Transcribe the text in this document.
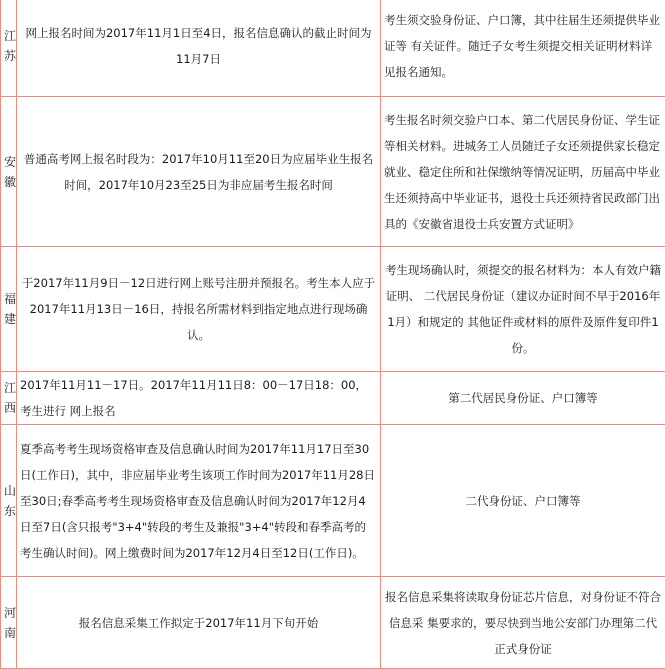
江苏	网上报名时间为2017年11月1日至4日，报名信息确认的截止时间为11月7日	考生须交验身份证、户口簿，其中往届生还须提供毕业证等 有关证件。随迁子女考生须提交相关证明材料详见报名通知。
安徽	普通高考网上报名时段为：2017年10月11至20日为应届毕业生报名时间，2017年10月23至25日为非应届考生报名时间	考生报名时须交验户口本、第二代居民身份证、学生证等相关材料。进城务工人员随迁子女还须提供家长稳定就业、稳定住所和社保缴纳等情况证明，历届高中毕业生还须持高中毕业证书，退役士兵还须持省民政部门出具的《安徽省退役士兵安置方式证明》
福建	于2017年11月9日－12日进行网上账号注册并预报名。考生本人应于2017年11月13日－16日，持报名所需材料到指定地点进行现场确认。	考生现场确认时，须提交的报名材料为：本人有效户籍证明、 二代居民身份证（建议办证时间不早于2016年1月）和规定的 其他证件或材料的原件及原件复印件1份。
江西	2017年11月11－17日。2017年11月11日8：00－17日18：00，考生进行 网上报名	第二代居民身份证、户口簿等
山东	夏季高考考生现场资格审查及信息确认时间为2017年11月17日至30日(工作日)，其中，非应届毕业考生该项工作时间为2017年11月28日至30日;春季高考考生现场资格审查及信息确认时间为2017年12月4日至7日(含只报考"3+4"转段的考生及兼报"3+4"转段和春季高考的考生确认时间)。网上缴费时间为2017年12月4日至12日(工作日)。	二代身份证、户口簿等
河南	报名信息采集工作拟定于2017年11月下旬开始	报名信息采集将读取身份证芯片信息，对身份证不符合信息采 集要求的，要尽快到当地公安部门办理第二代正式身份证
